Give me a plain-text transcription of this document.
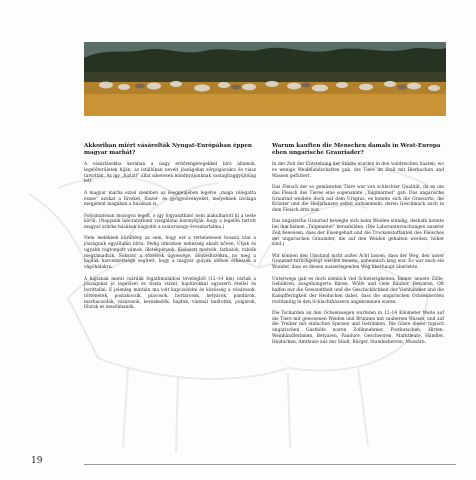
Akkoriban miért vásárolták Nyugat-Európában éppen magyar marhát?

A vásárlásokba korában a nagy erdőrengetegekkel bíró államok, legelőterületek híján, az istállóban nevelt jószágokat sörpogácsára és viasz tartották. Az így „hizlalt” állat sikeresen mindnyájunknak vastagítaggyújtólag lett.

A magyar marha ezzel szemben az őseggenjében legelve „maga válogatta össze” azokat a füveket, füszer- és gyógynövényeket, melyeknek ízvilága megjelent magában a húsában is.

Folyamatosan mozogva legelt, s így fogyasztható nem alakulhatott ki a teste körül. (Napjaink laboratóriumi vizsgálatai bizonyítják, hogy a legelőn tartott magyar szürke húsának nagyobb a szaturozogy-övvsatartalma.)

Nem meléknek körültény az sem, hogy ezt a rettenetesen hosszú utat a jószágunk egyáltalán bírta. Pedig útközben nehézség akadt bőven. Útjuk és ugyabb rágtomjott vámok, illetékpénzek. Kielezett medvék, farkasok, rablók megtámadták. Sokszor a tőzsérek ügyessége, döntéshozókra, no meg a hajdúk harcedzettsége segített, hogy a magyar gulyák időben érkezzék a vágóhídakra.

A hajtának menti csárdák fogatlimuládosi tévelégből (12–14 km) vártak a jószágokat jó legelővel és tiszta vízzel, hajdúrokkal egyszerű étellel és borittallal. E jelenleg mintáin ma volt kapcsolódni és közösség a vásárosok, történetek, postakocsik, piacosok, bortárosok, hetyárok, pandúrok, marhacsodák, vásárosok, kereskedők, hajdúk, vámnál tanítottik, polgárok, főurak és mezőimanók.

Warum kauften die Menschen damals in West-Europa eben ungarische Grauriader?

In der Zeit der Entstehung der Städte wurden in den waldreichen Saaten, wo es wenige Weidelandschaften gab, die Tiere im Stall mit Bierkuchen und Wassen gefüttert.

Das Fleisch der so gemästeten Tiere war von schlechter Qualität, da es um das Fleisch des Tieres eine sogenannte „Talgmarmel” gab. Das ungarische Graurind weidete doch auf dem Ursgras, es konnte sich die Grassorte, die Kräuter und die Heilpflanzen selbst aufsammeln, deren Geschmack auch in dem Fleisch drin war.

Das ungarische Graurind bewegte sich beim Weiden ständig, deshalb konnte bei ihm keinen „Talgmantel” heranbilden. (Die Laboruntersuchungen unserer Zeit beweisen, dass der Eisengehalt und die Trockenstoffanteil des Fleisches der ungarischen Grauinder, die auf den Weiden gehalten werden, höher sind.)

Wir können den Umstand nicht außer Acht lassen, dass der Weg, den unser Graurind zurückgelegt werden musste, unheimlich lang war. Es war auch ein Wunder, dass es diesen ausserlegenden Weg überhaupt überlebte.

Unterwegs gab es doch ziemlich viel Schwierigkeiten: Immer neuere Zölle, Gebühren, ausgehungerte Bären, Wölfe und viele Räuber, Betyaren. Oft halfen nur die Gewandtheit und die Geschicklichkeit der Viehhändler und die Kampffertigkeit der Heiducken dabei, dass die ungarischen Ochsenherden rechtzeitig in den Schlachthäusern angekommen waren.

Die Tscharden an den Ochsenwegen warteten in 12–14 Kilometer Weite auf die Tiere mit gewesenen Weiden und Brunnen mit sauberem Wasser, und auf die Treiber mit einfachen Speisen und Getränken. Die Gäste dieser typisch ungarischen Gasthöfe waren Zollinnehmer, Postkutschen, Hirten, Weinhändlerinnen, Betyaren, Pandure, Geschworen, Marktleute, Händler, Heiducken, Amtleute aus der Stadt, Bürger, Standesherren, Mussärn.

19
